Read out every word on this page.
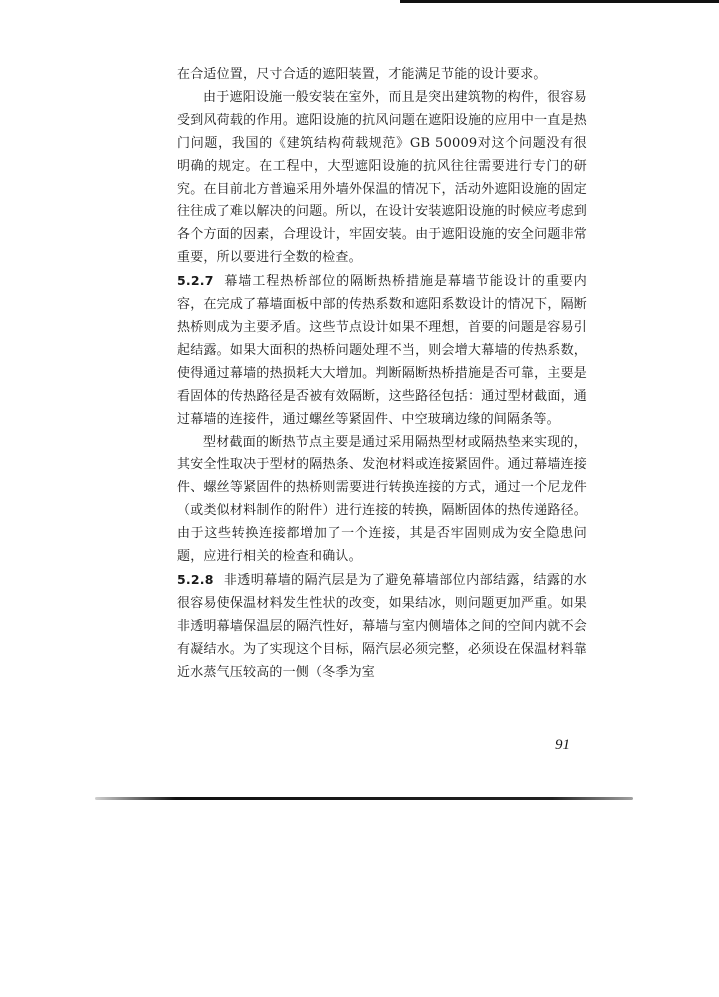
在合适位置，尺寸合适的遮阳装置，才能满足节能的设计要求。

由于遮阳设施一般安装在室外，而且是突出建筑物的构件，很容易受到风荷载的作用。遮阳设施的抗风问题在遮阳设施的应用中一直是热门问题，我国的《建筑结构荷载规范》GB 50009对这个问题没有很明确的规定。在工程中，大型遮阳设施的抗风往往需要进行专门的研究。在目前北方普遍采用外墙外保温的情况下，活动外遮阳设施的固定往往成了难以解决的问题。所以，在设计安装遮阳设施的时候应考虑到各个方面的因素，合理设计，牢固安装。由于遮阳设施的安全问题非常重要，所以要进行全数的检查。

5.2.7 幕墙工程热桥部位的隔断热桥措施是幕墙节能设计的重要内容，在完成了幕墙面板中部的传热系数和遮阳系数设计的情况下，隔断热桥则成为主要矛盾。这些节点设计如果不理想，首要的问题是容易引起结露。如果大面积的热桥问题处理不当，则会增大幕墙的传热系数，使得通过幕墙的热损耗大大增加。判断隔断热桥措施是否可靠，主要是看固体的传热路径是否被有效隔断，这些路径包括：通过型材截面，通过幕墙的连接件，通过螺丝等紧固件、中空玻璃边缘的间隔条等。

型材截面的断热节点主要是通过采用隔热型材或隔热垫来实现的，其安全性取决于型材的隔热条、发泡材料或连接紧固件。通过幕墙连接件、螺丝等紧固件的热桥则需要进行转换连接的方式，通过一个尼龙件（或类似材料制作的附件）进行连接的转换，隔断固体的热传递路径。由于这些转换连接都增加了一个连接，其是否牢固则成为安全隐患问题，应进行相关的检查和确认。

5.2.8 非透明幕墙的隔汽层是为了避免幕墙部位内部结露，结露的水很容易使保温材料发生性状的改变，如果结冰，则问题更加严重。如果非透明幕墙保温层的隔汽性好，幕墙与室内侧墙体之间的空间内就不会有凝结水。为了实现这个目标，隔汽层必须完整，必须设在保温材料靠近水蒸气压较高的一侧（冬季为室

91
